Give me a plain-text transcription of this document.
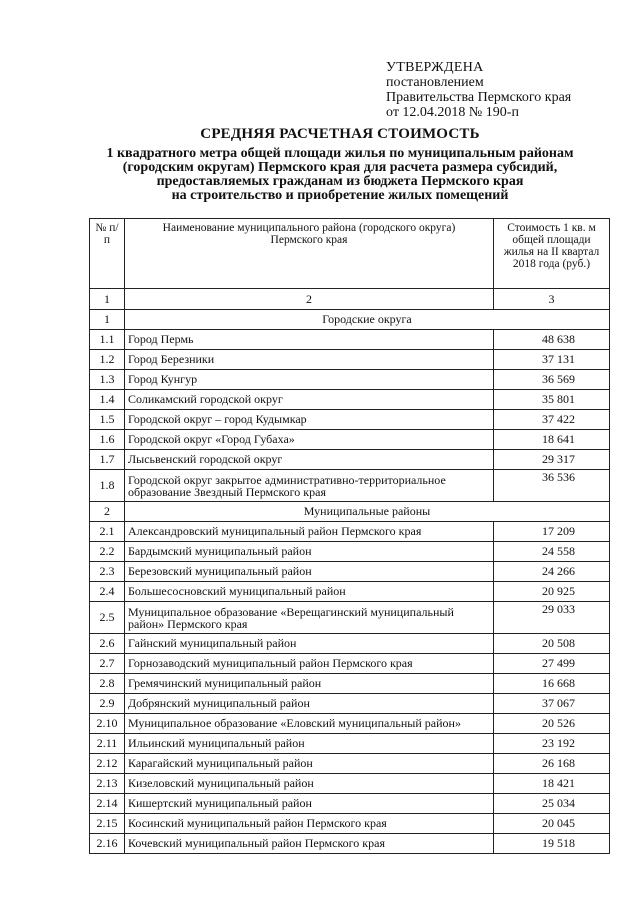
УТВЕРЖДЕНА
постановлением
Правительства Пермского края
от 12.04.2018 № 190-п
СРЕДНЯЯ РАСЧЕТНАЯ СТОИМОСТЬ
1 квадратного метра общей площади жилья по муниципальным районам
(городским округам) Пермского края для расчета размера субсидий,
предоставляемых гражданам из бюджета Пермского края
на строительство и приобретение жилых помещений
№ п/п	Наименование муниципального района (городского округа) Пермского края	Стоимость 1 кв. м общей площади жилья на II квартал 2018 года (руб.)
1	2	3
1	Городские округа	
1.1	Город Пермь	48 638
1.2	Город Березники	37 131
1.3	Город Кунгур	36 569
1.4	Соликамский городской округ	35 801
1.5	Городской округ – город Кудымкар	37 422
1.6	Городской округ «Город Губаха»	18 641
1.7	Лысьвенский городской округ	29 317
1.8	Городской округ закрытое административно-территориальное образование Звездный Пермского края	36 536
2	Муниципальные районы	
2.1	Александровский муниципальный район Пермского края	17 209
2.2	Бардымский муниципальный район	24 558
2.3	Березовский муниципальный район	24 266
2.4	Большесосновский муниципальный район	20 925
2.5	Муниципальное образование «Верещагинский муниципальный район» Пермского края	29 033
2.6	Гайнский муниципальный район	20 508
2.7	Горнозаводский муниципальный район Пермского края	27 499
2.8	Гремячинский муниципальный район	16 668
2.9	Добрянский муниципальный район	37 067
2.10	Муниципальное образование «Еловский муниципальный район»	20 526
2.11	Ильинский муниципальный район	23 192
2.12	Карагайский муниципальный район	26 168
2.13	Кизеловский муниципальный район	18 421
2.14	Кишертский муниципальный район	25 034
2.15	Косинский муниципальный район Пермского края	20 045
2.16	Кочевский муниципальный район Пермского края	19 518
